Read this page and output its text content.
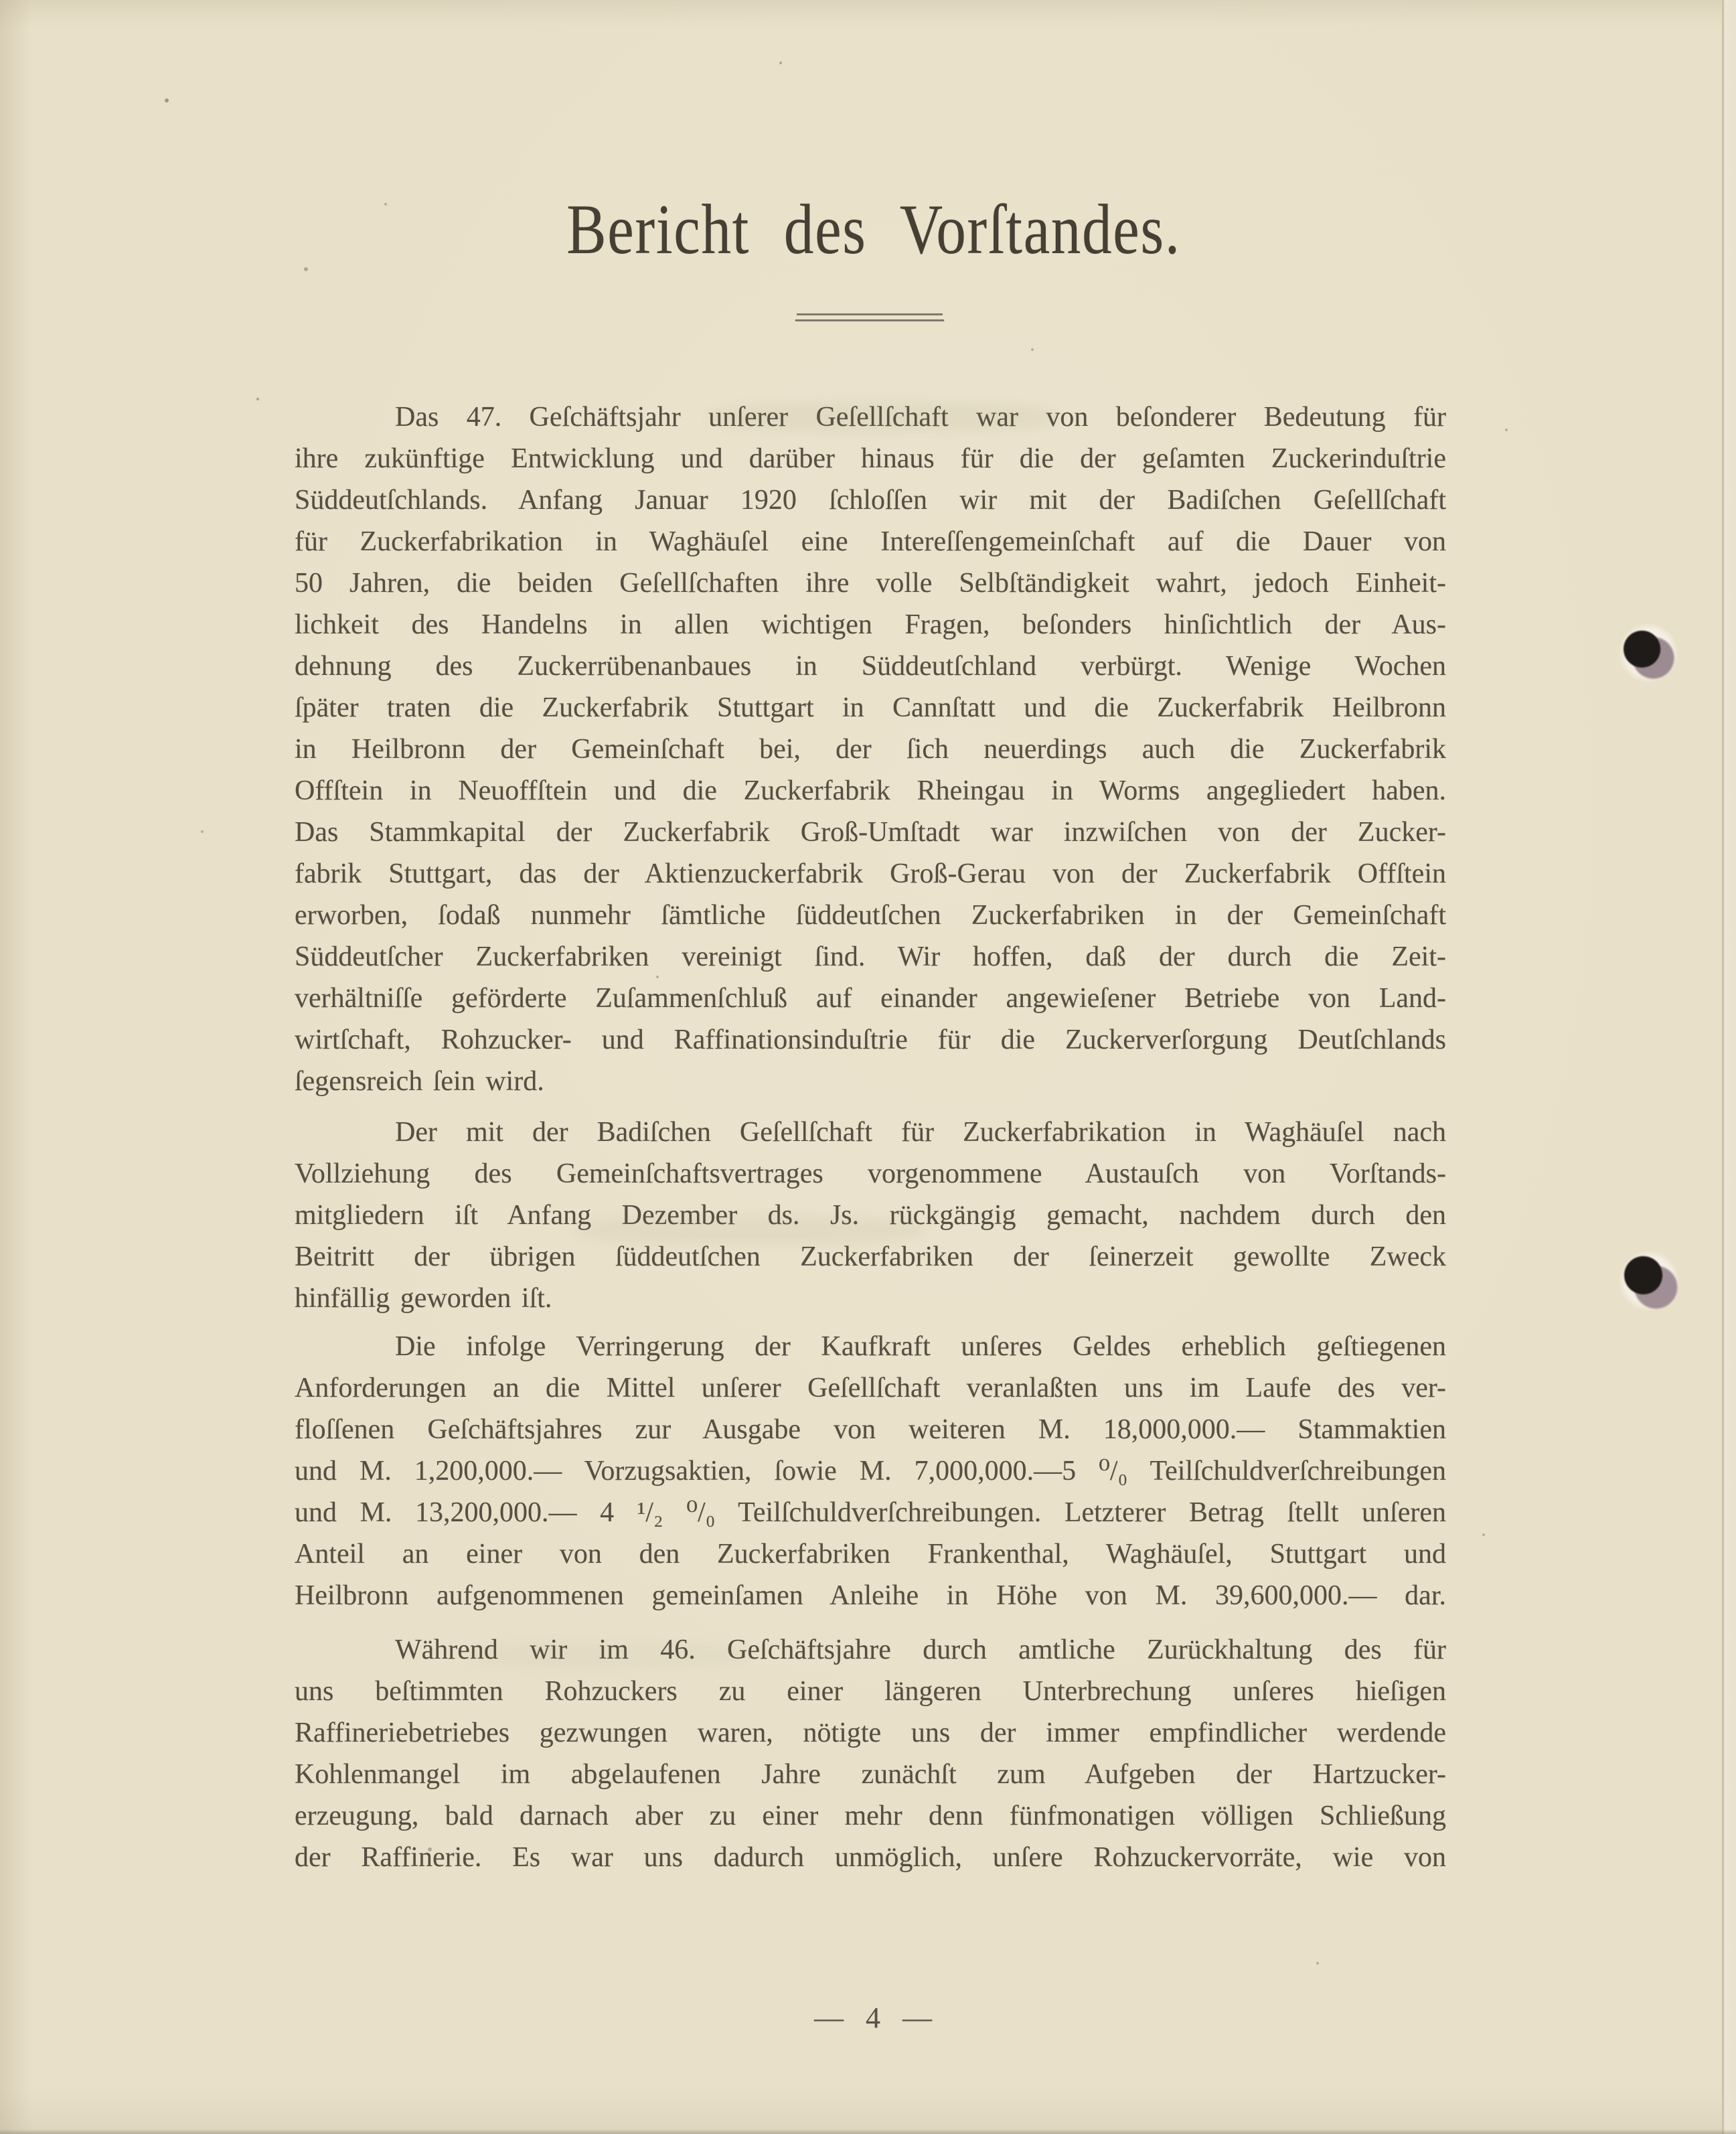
Bericht des Vorſtandes.
Das 47. Geſchäftsjahr unſerer Geſellſchaft war von beſonderer Bedeutung für
ihre zukünftige Entwicklung und darüber hinaus für die der geſamten Zuckerinduſtrie
Süddeutſchlands. Anfang Januar 1920 ſchloſſen wir mit der Badiſchen Geſellſchaft
für Zuckerfabrikation in Waghäuſel eine Intereſſengemeinſchaft auf die Dauer von
50 Jahren, die beiden Geſellſchaften ihre volle Selbſtändigkeit wahrt, jedoch Einheit-
lichkeit des Handelns in allen wichtigen Fragen, beſonders hinſichtlich der Aus-
dehnung des Zuckerrübenanbaues in Süddeutſchland verbürgt. Wenige Wochen
ſpäter traten die Zuckerfabrik Stuttgart in Cannſtatt und die Zuckerfabrik Heilbronn
in Heilbronn der Gemeinſchaft bei, der ſich neuerdings auch die Zuckerfabrik
Offſtein in Neuoffſtein und die Zuckerfabrik Rheingau in Worms angegliedert haben.
Das Stammkapital der Zuckerfabrik Groß-Umſtadt war inzwiſchen von der Zucker-
fabrik Stuttgart, das der Aktienzuckerfabrik Groß-Gerau von der Zuckerfabrik Offſtein
erworben, ſodaß nunmehr ſämtliche ſüddeutſchen Zuckerfabriken in der Gemeinſchaft
Süddeutſcher Zuckerfabriken vereinigt ſind. Wir hoffen, daß der durch die Zeit-
verhältniſſe geförderte Zuſammenſchluß auf einander angewieſener Betriebe von Land-
wirtſchaft, Rohzucker- und Raffinationsinduſtrie für die Zuckerverſorgung Deutſchlands
ſegensreich ſein wird.
Der mit der Badiſchen Geſellſchaft für Zuckerfabrikation in Waghäuſel nach
Vollziehung des Gemeinſchaftsvertrages vorgenommene Austauſch von Vorſtands-
mitgliedern iſt Anfang Dezember ds. Js. rückgängig gemacht, nachdem durch den
Beitritt der übrigen ſüddeutſchen Zuckerfabriken der ſeinerzeit gewollte Zweck
hinfällig geworden iſt.
Die infolge Verringerung der Kaufkraft unſeres Geldes erheblich geſtiegenen
Anforderungen an die Mittel unſerer Geſellſchaft veranlaßten uns im Laufe des ver-
floſſenen Geſchäftsjahres zur Ausgabe von weiteren M. 18,000,000.— Stammaktien
und M. 1,200,000.— Vorzugsaktien, ſowie M. 7,000,000.—5 ⁰/₀ Teilſchuldverſchreibungen
und M. 13,200,000.— 4 ¹/₂ ⁰/₀ Teilſchuldverſchreibungen. Letzterer Betrag ſtellt unſeren
Anteil an einer von den Zuckerfabriken Frankenthal, Waghäuſel, Stuttgart und
Heilbronn aufgenommenen gemeinſamen Anleihe in Höhe von M. 39,600,000.— dar.
Während wir im 46. Geſchäftsjahre durch amtliche Zurückhaltung des für
uns beſtimmten Rohzuckers zu einer längeren Unterbrechung unſeres hieſigen
Raffineriebetriebes gezwungen waren, nötigte uns der immer empfindlicher werdende
Kohlenmangel im abgelaufenen Jahre zunächſt zum Aufgeben der Hartzucker-
erzeugung, bald darnach aber zu einer mehr denn fünfmonatigen völligen Schließung
der Raffinerie. Es war uns dadurch unmöglich, unſere Rohzuckervorräte, wie von
— 4 —
